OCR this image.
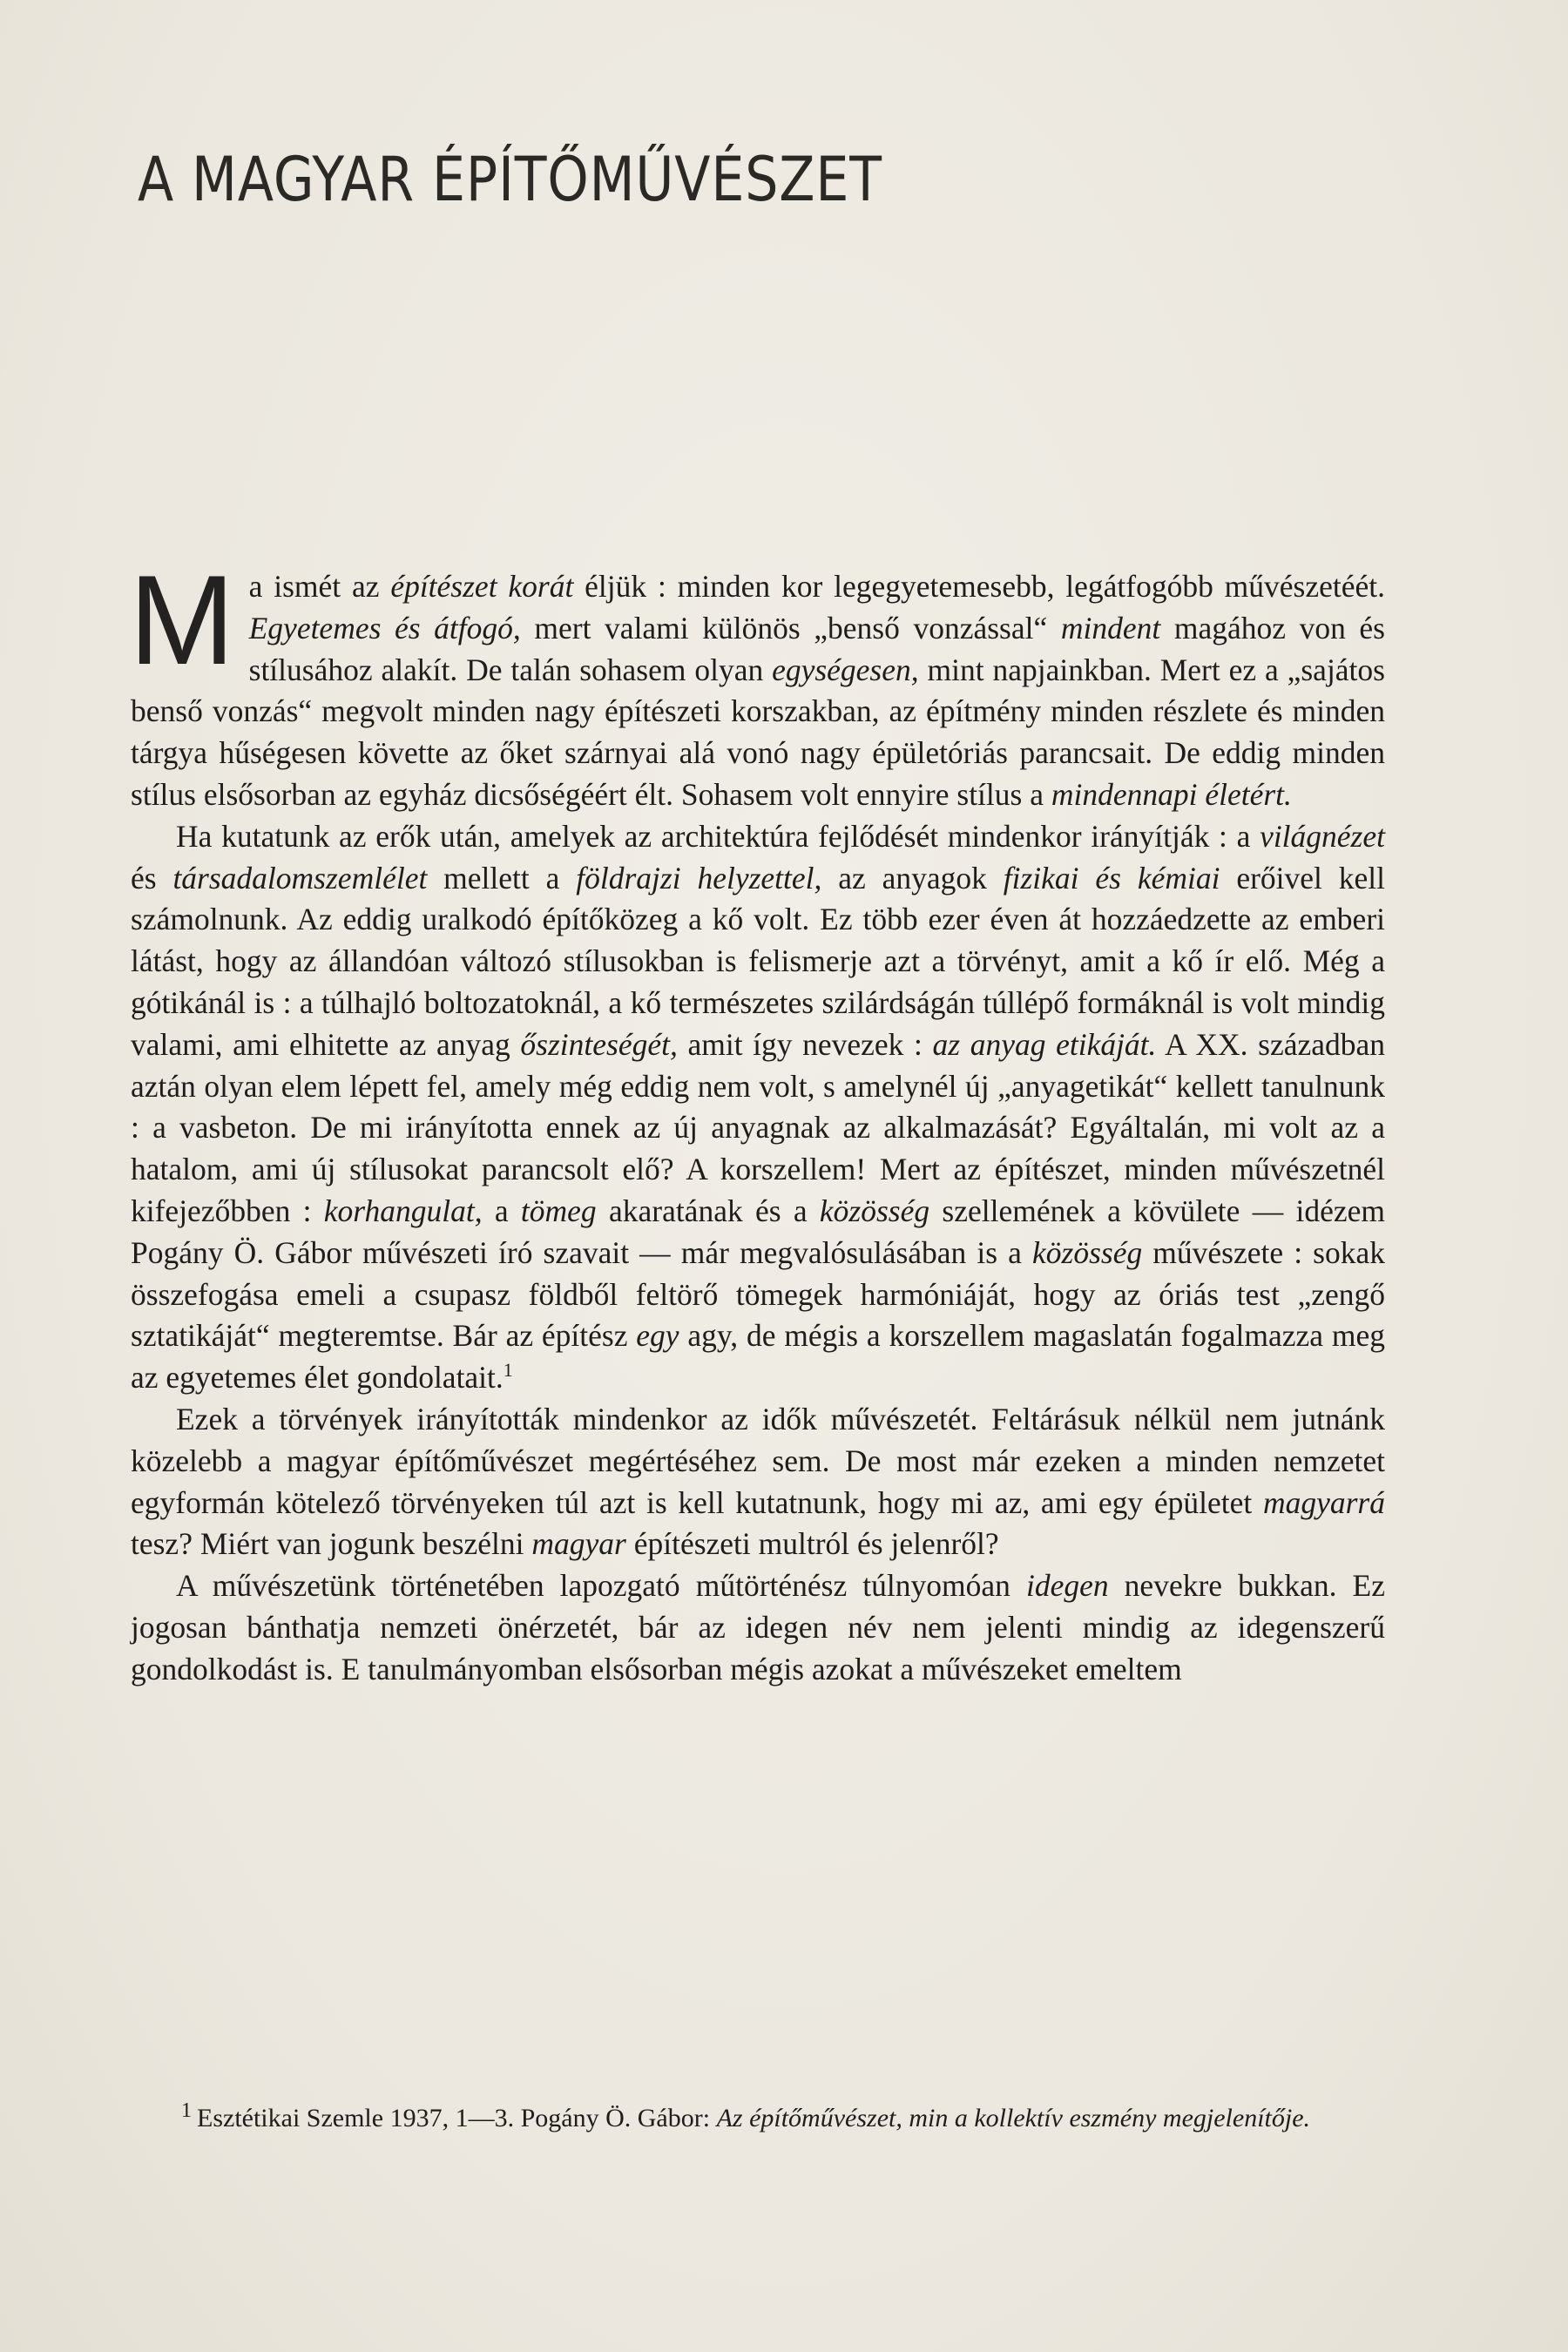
A MAGYAR ÉPÍTŐMŰVÉSZET

Ma ismét az építészet korát éljük : minden kor legegyetemesebb, legátfogóbb művészetéét. Egyetemes és átfogó, mert valami különös „benső vonzással“ mindent magához von és stílusához alakít. De talán sohasem olyan egységesen, mint napjainkban. Mert ez a „sajátos benső vonzás“ megvolt minden nagy építészeti korszakban, az építmény minden részlete és minden tárgya hűségesen követte az őket szárnyai alá vonó nagy épületóriás parancsait. De eddig minden stílus elsősorban az egyház dicsőségéért élt. Sohasem volt ennyire stílus a mindennapi életért.

Ha kutatunk az erők után, amelyek az architektúra fejlődését mindenkor irányítják : a világnézet és társadalomszemlélet mellett a földrajzi helyzettel, az anyagok fizikai és kémiai erőivel kell számolnunk. Az eddig uralkodó építőközeg a kő volt. Ez több ezer éven át hozzáedzette az emberi látást, hogy az állandóan változó stílusokban is felismerje azt a törvényt, amit a kő ír elő. Még a gótikánál is : a túlhajló boltozatoknál, a kő természetes szilárdságán túllépő formáknál is volt mindig valami, ami elhitette az anyag őszinteségét, amit így nevezek : az anyag etikáját. A XX. században aztán olyan elem lépett fel, amely még eddig nem volt, s amelynél új „anyagetikát“ kellett tanulnunk : a vasbeton. De mi irányította ennek az új anyagnak az alkalmazását? Egyáltalán, mi volt az a hatalom, ami új stílusokat parancsolt elő? A korszellem! Mert az építészet, minden művészetnél kifejezőbben : korhangulat, a tömeg akaratának és a közösség szellemének a kövülete — idézem Pogány Ö. Gábor művészeti író szavait — már megvalósulásában is a közösség művészete : sokak összefogása emeli a csupasz földből feltörő tömegek harmóniáját, hogy az óriás test „zengő sztatikáját“ megteremtse. Bár az építész egy agy, de mégis a korszellem magaslatán fogalmazza meg az egyetemes élet gondolatait.$^1$

Ezek a törvények irányították mindenkor az idők művészetét. Feltárásuk nélkül nem jutnánk közelebb a magyar építőművészet megértéséhez sem. De most már ezeken a minden nemzetet egyformán kötelező törvényeken túl azt is kell kutatnunk, hogy mi az, ami egy épületet magyarrá tesz? Miért van jogunk beszélni magyar építészeti multról és jelenről?

A művészetünk történetében lapozgató műtörténész túlnyomóan idegen nevekre bukkan. Ez jogosan bánthatja nemzeti önérzetét, bár az idegen név nem jelenti mindig az idegenszerű gondolkodást is. E tanulmányomban elsősorban mégis azokat a művészeket emeltem

$^1$ Esztétikai Szemle 1937, 1—3. Pogány Ö. Gábor: Az építőművészet, min a kollektív eszmény megjelenítője.
